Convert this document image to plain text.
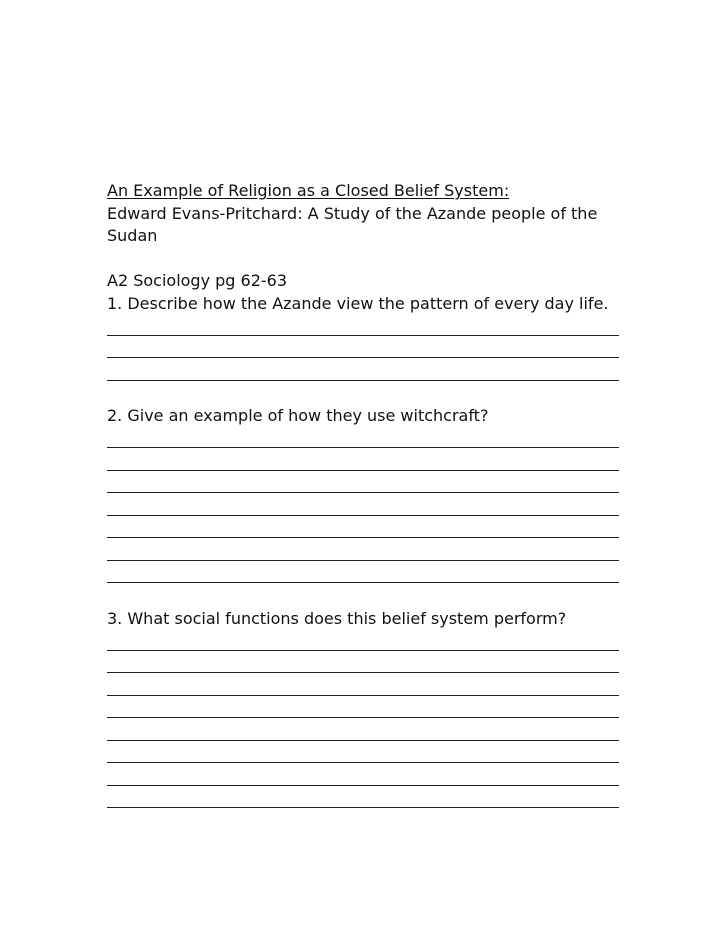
An Example of Religion as a Closed Belief System:
Edward Evans-Pritchard: A Study of the Azande people of the
Sudan
A2 Sociology pg 62-63
1. Describe how the Azande view the pattern of every day life.
2. Give an example of how they use witchcraft?
3. What social functions does this belief system perform?
